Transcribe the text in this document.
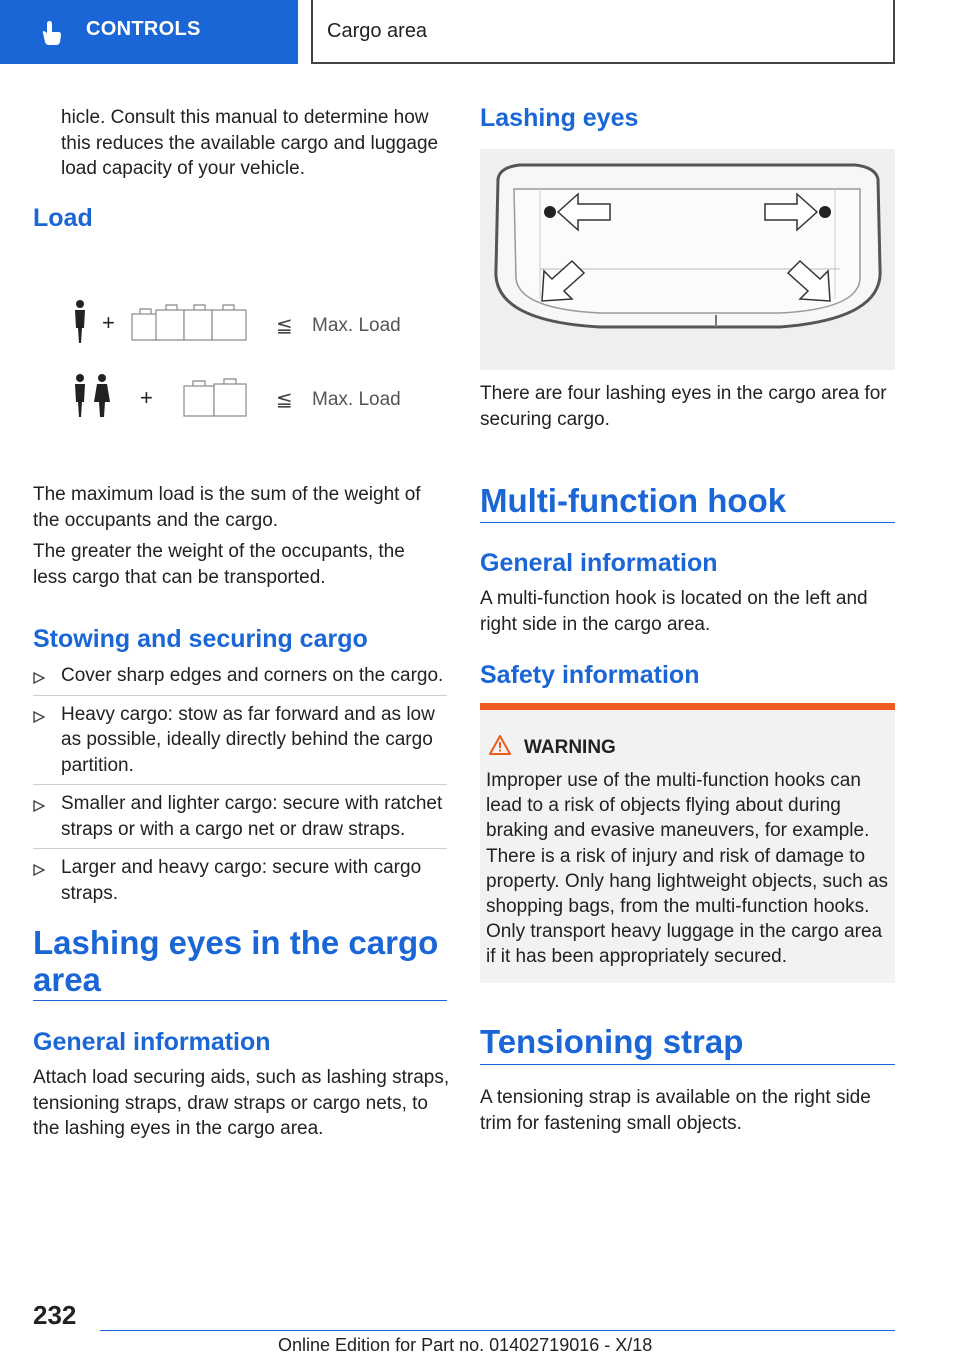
CONTROLS	Cargo area
hicle. Consult this manual to determine how this reduces the available cargo and luggage load capacity of your vehicle.
Load
+	≦ Max. Load
+	≦ Max. Load
The maximum load is the sum of the weight of the occupants and the cargo.
The greater the weight of the occupants, the less cargo that can be transported.
Stowing and securing cargo
Cover sharp edges and corners on the cargo.
Heavy cargo: stow as far forward and as low as possible, ideally directly behind the cargo partition.
Smaller and lighter cargo: secure with ratchet straps or with a cargo net or draw straps.
Larger and heavy cargo: secure with cargo straps.
Lashing eyes in the cargo area
General information
Attach load securing aids, such as lashing straps, tensioning straps, draw straps or cargo nets, to the lashing eyes in the cargo area.
Lashing eyes
There are four lashing eyes in the cargo area for securing cargo.
Multi-function hook
General information
A multi-function hook is located on the left and right side in the cargo area.
Safety information
WARNING
Improper use of the multi-function hooks can lead to a risk of objects flying about during braking and evasive maneuvers, for example. There is a risk of injury and risk of damage to property. Only hang lightweight objects, such as shopping bags, from the multi-function hooks. Only transport heavy luggage in the cargo area if it has been appropriately secured.
Tensioning strap
A tensioning strap is available on the right side trim for fastening small objects.
232
Online Edition for Part no. 01402719016 - X/18
